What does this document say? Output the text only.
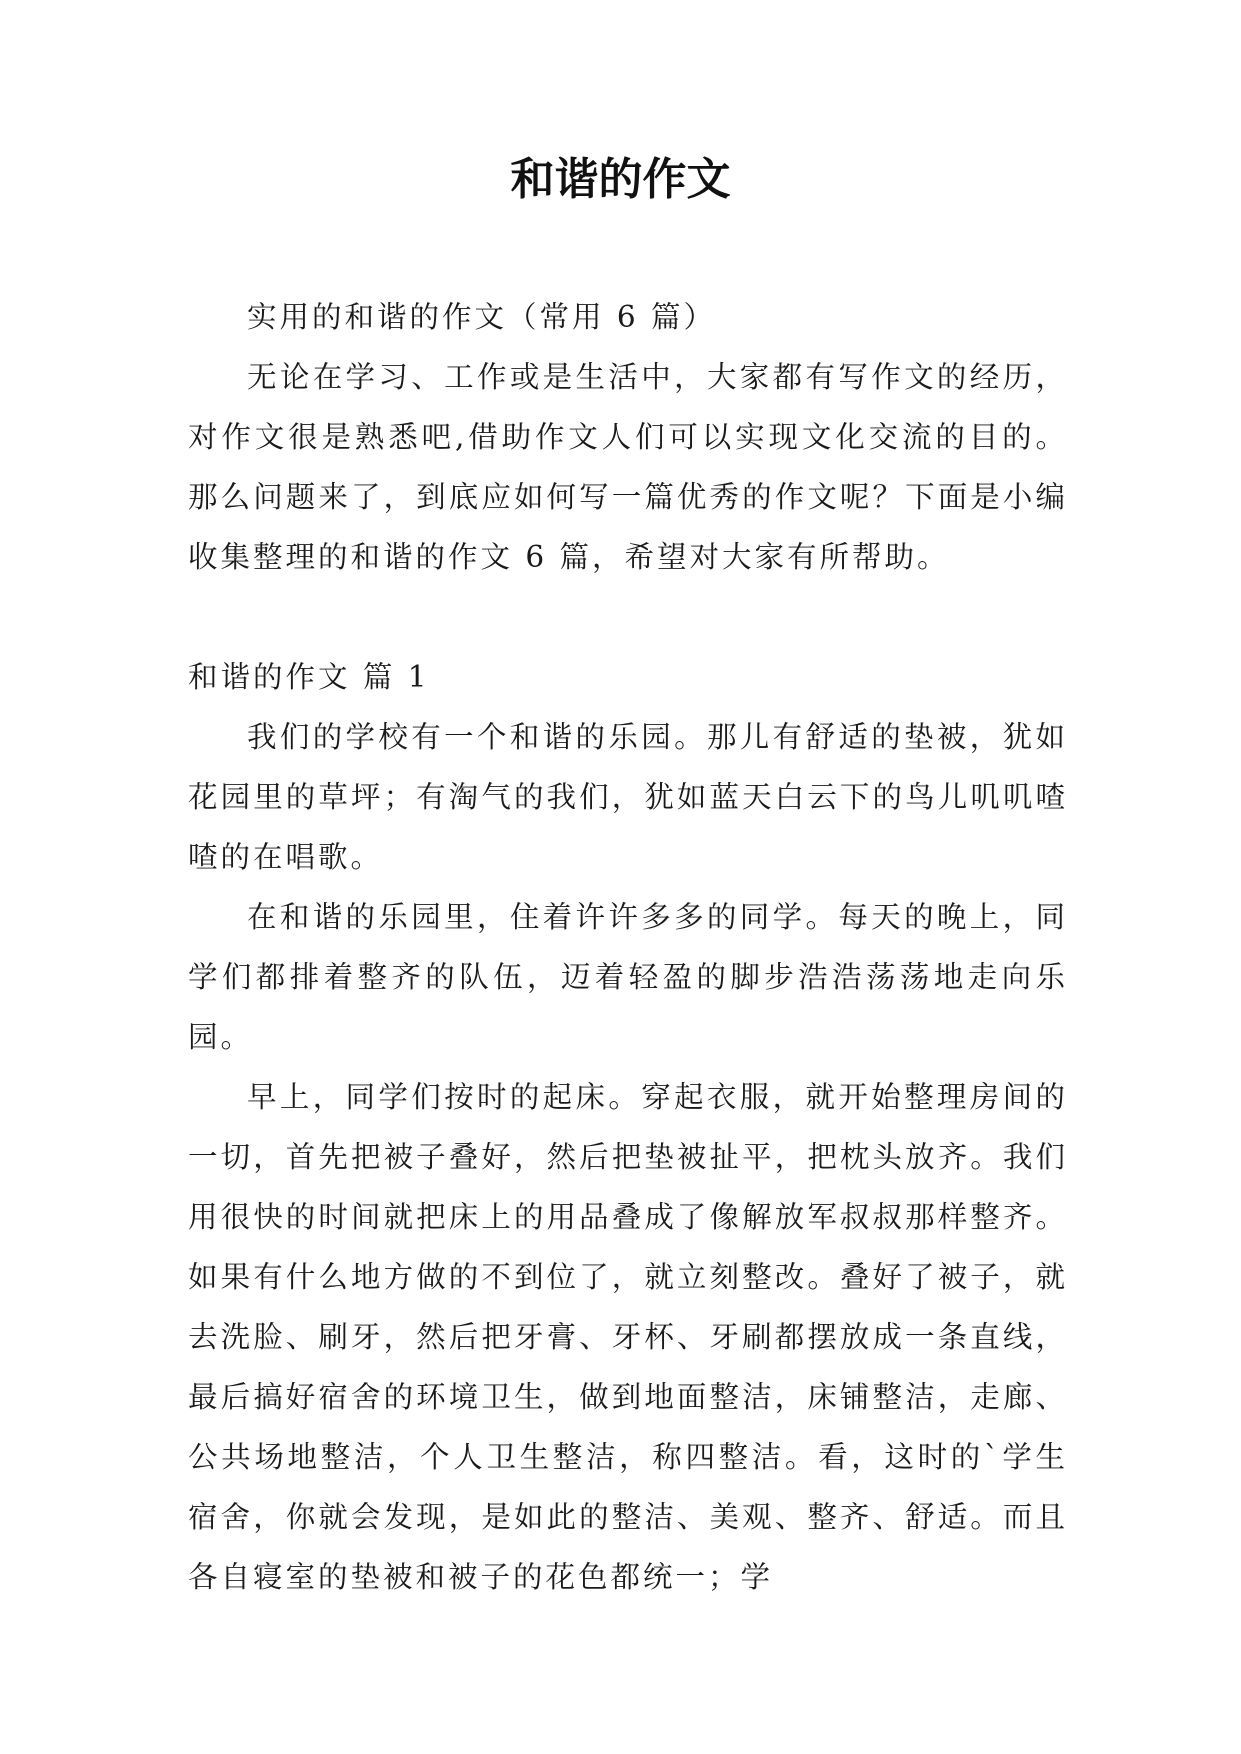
和谐的作文

实用的和谐的作文（常用 6 篇）

无论在学习、工作或是生活中，大家都有写作文的经历，对作文很是熟悉吧,借助作文人们可以实现文化交流的目的。那么问题来了，到底应如何写一篇优秀的作文呢？下面是小编收集整理的和谐的作文 6 篇，希望对大家有所帮助。

和谐的作文 篇 1

我们的学校有一个和谐的乐园。那儿有舒适的垫被，犹如花园里的草坪；有淘气的我们，犹如蓝天白云下的鸟儿叽叽喳喳的在唱歌。

在和谐的乐园里，住着许许多多的同学。每天的晚上，同学们都排着整齐的队伍，迈着轻盈的脚步浩浩荡荡地走向乐园。

早上，同学们按时的起床。穿起衣服，就开始整理房间的一切，首先把被子叠好，然后把垫被扯平，把枕头放齐。我们用很快的时间就把床上的用品叠成了像解放军叔叔那样整齐。如果有什么地方做的不到位了，就立刻整改。叠好了被子，就去洗脸、刷牙，然后把牙膏、牙杯、牙刷都摆放成一条直线，最后搞好宿舍的环境卫生，做到地面整洁，床铺整洁，走廊、公共场地整洁，个人卫生整洁，称四整洁。看，这时的`学生宿舍，你就会发现，是如此的整洁、美观、整齐、舒适。而且各自寝室的垫被和被子的花色都统一；学
